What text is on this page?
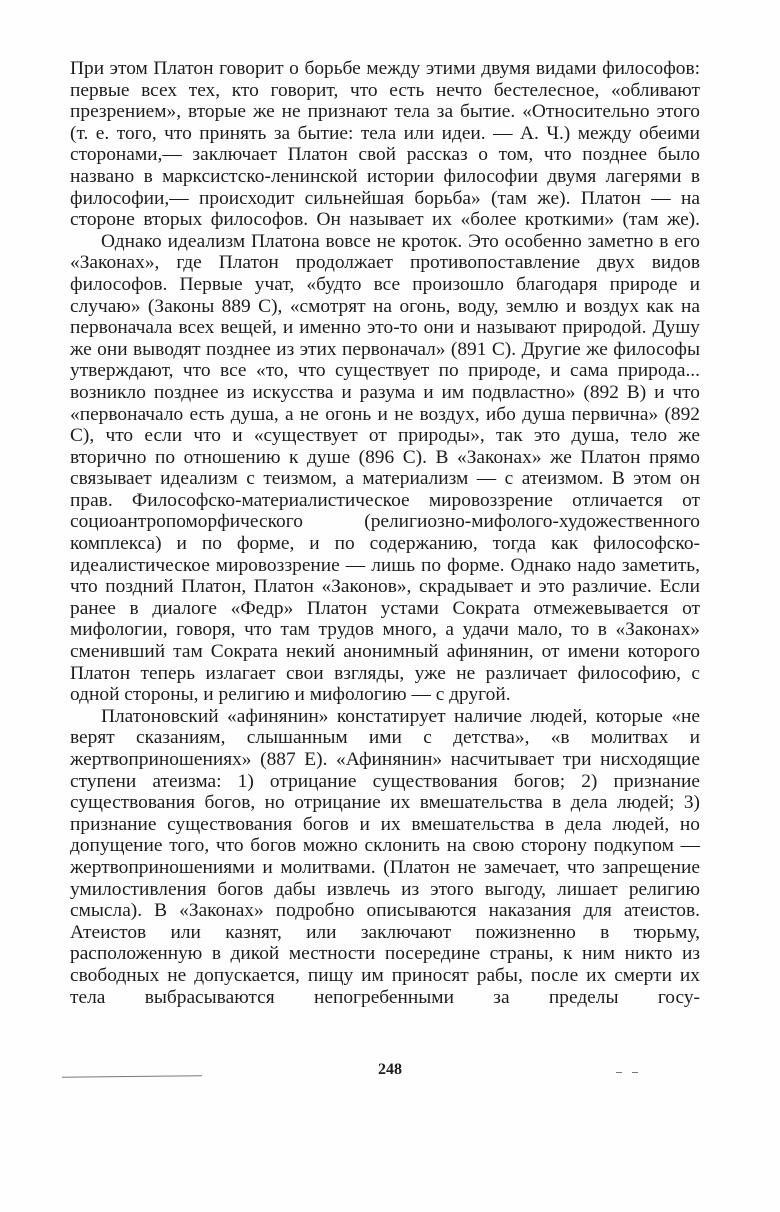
При этом Платон говорит о борьбе между этими двумя видами философов: первые всех тех, кто говорит, что есть нечто бестелесное, «обливают презрением», вторые же не признают тела за бытие. «Относительно этого (т. е. того, что принять за бытие: тела или идеи. — А. Ч.) между обеими сторонами,— заключает Платон свой рассказ о том, что позднее было названо в марксистско-ленинской истории философии двумя лагерями в философии,— происходит сильнейшая борьба» (там же). Платон — на стороне вторых философов. Он называет их «более кроткими» (там же).

Однако идеализм Платона вовсе не кроток. Это особенно заметно в его «Законах», где Платон продолжает противопоставление двух видов философов. Первые учат, «будто все произошло благодаря природе и случаю» (Законы 889 С), «смотрят на огонь, воду, землю и воздух как на первоначала всех вещей, и именно это-то они и называют природой. Душу же они выводят позднее из этих первоначал» (891 С). Другие же философы утверждают, что все «то, что существует по природе, и сама природа... возникло позднее из искусства и разума и им подвластно» (892 В) и что «первоначало есть душа, а не огонь и не воздух, ибо душа первична» (892 С), что если что и «существует от природы», так это душа, тело же вторично по отношению к душе (896 С). В «Законах» же Платон прямо связывает идеализм с теизмом, а материализм — с атеизмом. В этом он прав. Философско-материалистическое мировоззрение отличается от социоантропоморфического (религиозно-мифолого-художественного комплекса) и по форме, и по содержанию, тогда как философско-идеалистическое мировоззрение — лишь по форме. Однако надо заметить, что поздний Платон, Платон «Законов», скрадывает и это различие. Если ранее в диалоге «Федр» Платон устами Сократа отмежевывается от мифологии, говоря, что там трудов много, а удачи мало, то в «Законах» сменивший там Сократа некий анонимный афинянин, от имени которого Платон теперь излагает свои взгляды, уже не различает философию, с одной стороны, и религию и мифологию — с другой.

Платоновский «афинянин» констатирует наличие людей, которые «не верят сказаниям, слышанным ими с детства», «в молитвах и жертвоприношениях» (887 Е). «Афинянин» насчитывает три нисходящие ступени атеизма: 1) отрицание существования богов; 2) признание существования богов, но отрицание их вмешательства в дела людей; 3) признание существования богов и их вмешательства в дела людей, но допущение того, что богов можно склонить на свою сторону подкупом — жертвоприношениями и молитвами. (Платон не замечает, что запрещение умилостивления богов дабы извлечь из этого выгоду, лишает религию смысла). В «Законах» подробно описываются наказания для атеистов. Атеистов или казнят, или заключают пожизненно в тюрьму, расположенную в дикой местности посередине страны, к ним никто из свободных не допускается, пищу им приносят рабы, после их смерти их тела выбрасываются непогребенными за пределы госу-

248
